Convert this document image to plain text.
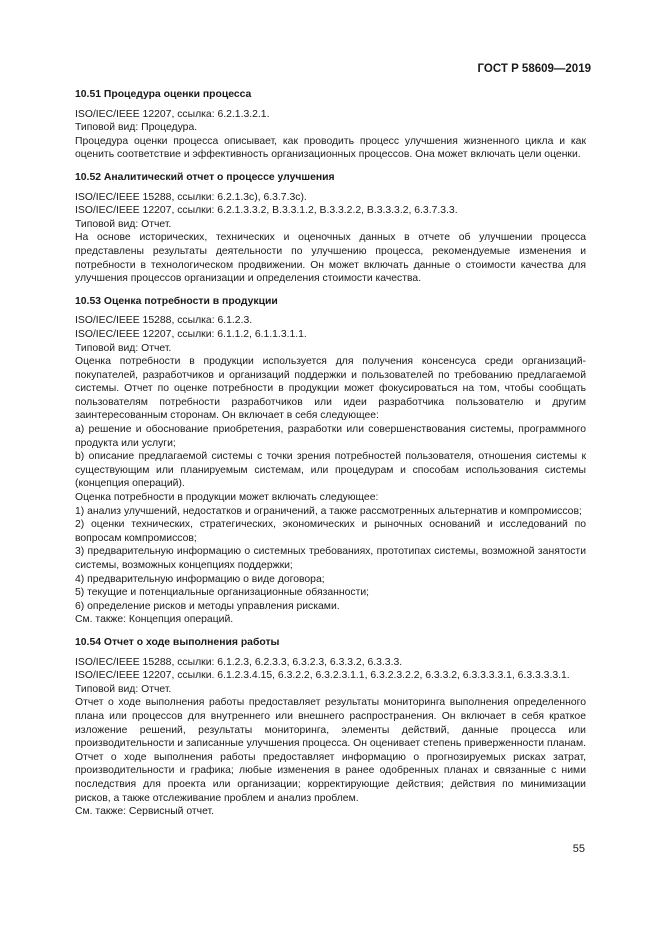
ГОСТ Р 58609—2019

10.51 Процедура оценки процесса

ISO/IEC/IEEE 12207, ссылка: 6.2.1.3.2.1.

Типовой вид: Процедура.

Процедура оценки процесса описывает, как проводить процесс улучшения жизненного цикла и как оценить соответствие и эффективность организационных процессов. Она может включать цели оценки.

10.52 Аналитический отчет о процессе улучшения

ISO/IEC/IEEE 15288, ссылки: 6.2.1.3c), 6.3.7.3c).

ISO/IEC/IEEE 12207, ссылки: 6.2.1.3.3.2, В.3.3.1.2, В.3.3.2.2, В.3.3.3.2, 6.3.7.3.3.

Типовой вид: Отчет.

На основе исторических, технических и оценочных данных в отчете об улучшении процесса представлены результаты деятельности по улучшению процесса, рекомендуемые изменения и потребности в технологическом продвижении. Он может включать данные о стоимости качества для улучшения процессов организации и определения стоимости качества.

10.53 Оценка потребности в продукции

ISO/IEC/IEEE 15288, ссылка: 6.1.2.3.

ISO/IEC/IEEE 12207, ссылки: 6.1.1.2, 6.1.1.3.1.1.

Типовой вид: Отчет.

Оценка потребности в продукции используется для получения консенсуса среди организаций-покупателей, разработчиков и организаций поддержки и пользователей по требованию предлагаемой системы. Отчет по оценке потребности в продукции может фокусироваться на том, чтобы сообщать пользователям потребности разработчиков или идеи разработчика пользователю и другим заинтересованным сторонам. Он включает в себя следующее:

a) решение и обоснование приобретения, разработки или совершенствования системы, программного продукта или услуги;

b) описание предлагаемой системы с точки зрения потребностей пользователя, отношения системы к существующим или планируемым системам, или процедурам и способам использования системы (концепция операций).

Оценка потребности в продукции может включать следующее:

1) анализ улучшений, недостатков и ограничений, а также рассмотренных альтернатив и компромиссов;

2) оценки технических, стратегических, экономических и рыночных оснований и исследований по вопросам компромиссов;

3) предварительную информацию о системных требованиях, прототипах системы, возможной занятости системы, возможных концепциях поддержки;

4) предварительную информацию о виде договора;

5) текущие и потенциальные организационные обязанности;

6) определение рисков и методы управления рисками.

См. также: Концепция операций.

10.54 Отчет о ходе выполнения работы

ISO/IEC/IEEE 15288, ссылки: 6.1.2.3, 6.2.3.3, 6.3.2.3, 6.3.3.2, 6.3.3.3.

ISO/IEC/IEEE 12207, ссылки. 6.1.2.3.4.15, 6.3.2.2, 6.3.2.3.1.1, 6.3.2.3.2.2, 6.3.3.2, 6.3.3.3.3.1, 6.3.3.3.3.1.

Типовой вид: Отчет.

Отчет о ходе выполнения работы предоставляет результаты мониторинга выполнения определенного плана или процессов для внутреннего или внешнего распространения. Он включает в себя краткое изложение решений, результаты мониторинга, элементы действий, данные процесса или производительности и записанные улучшения процесса. Он оценивает степень приверженности планам. Отчет о ходе выполнения работы предоставляет информацию о прогнозируемых рисках затрат, производительности и графика; любые изменения в ранее одобренных планах и связанные с ними последствия для проекта или организации; корректирующие действия; действия по минимизации рисков, а также отслеживание проблем и анализ проблем.

См. также: Сервисный отчет.

55
